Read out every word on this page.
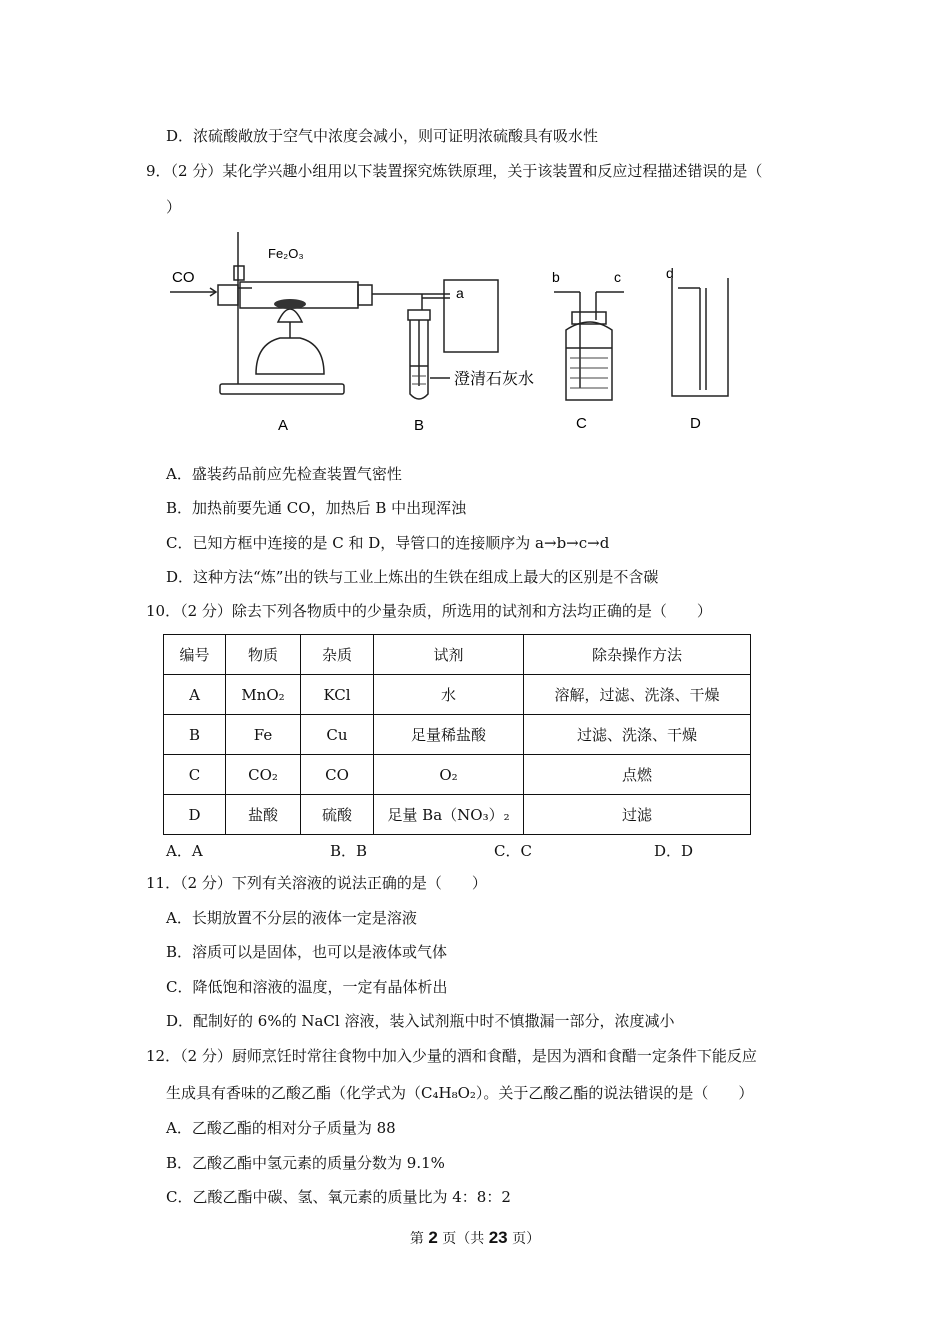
D．浓硫酸敞放于空气中浓度会减小，则可证明浓硫酸具有吸水性
9．（2 分）某化学兴趣小组用以下装置探究炼铁原理，关于该装置和反应过程描述错误的是（
）
CO
Fe₂O₃
a
b	c	d
澄清石灰水
A	B	C	D
A．盛装药品前应先检查装置气密性
B．加热前要先通 CO，加热后 B 中出现浑浊
C．已知方框中连接的是 C 和 D，导管口的连接顺序为 a→b→c→d
D．这种方法“炼”出的铁与工业上炼出的生铁在组成上最大的区别是不含碳
10．（2 分）除去下列各物质中的少量杂质，所选用的试剂和方法均正确的是（　　）
编号	物质	杂质	试剂	除杂操作方法
A	MnO₂	KCl	水	溶解，过滤、洗涤、干燥
B	Fe	Cu	足量稀盐酸	过滤、洗涤、干燥
C	CO₂	CO	O₂	点燃
D	盐酸	硫酸	足量 Ba（NO₃）₂	过滤
A．A	B．B	C．C	D．D
11．（2 分）下列有关溶液的说法正确的是（　　）
A．长期放置不分层的液体一定是溶液
B．溶质可以是固体，也可以是液体或气体
C．降低饱和溶液的温度，一定有晶体析出
D．配制好的 6%的 NaCl 溶液，装入试剂瓶中时不慎撒漏一部分，浓度减小
12．（2 分）厨师烹饪时常往食物中加入少量的酒和食醋，是因为酒和食醋一定条件下能反应
生成具有香味的乙酸乙酯（化学式为（C₄H₈O₂）。关于乙酸乙酯的说法错误的是（　　）
A．乙酸乙酯的相对分子质量为 88
B．乙酸乙酯中氢元素的质量分数为 9.1%
C．乙酸乙酯中碳、氢、氧元素的质量比为 4：8：2
第 2 页（共 23 页）
